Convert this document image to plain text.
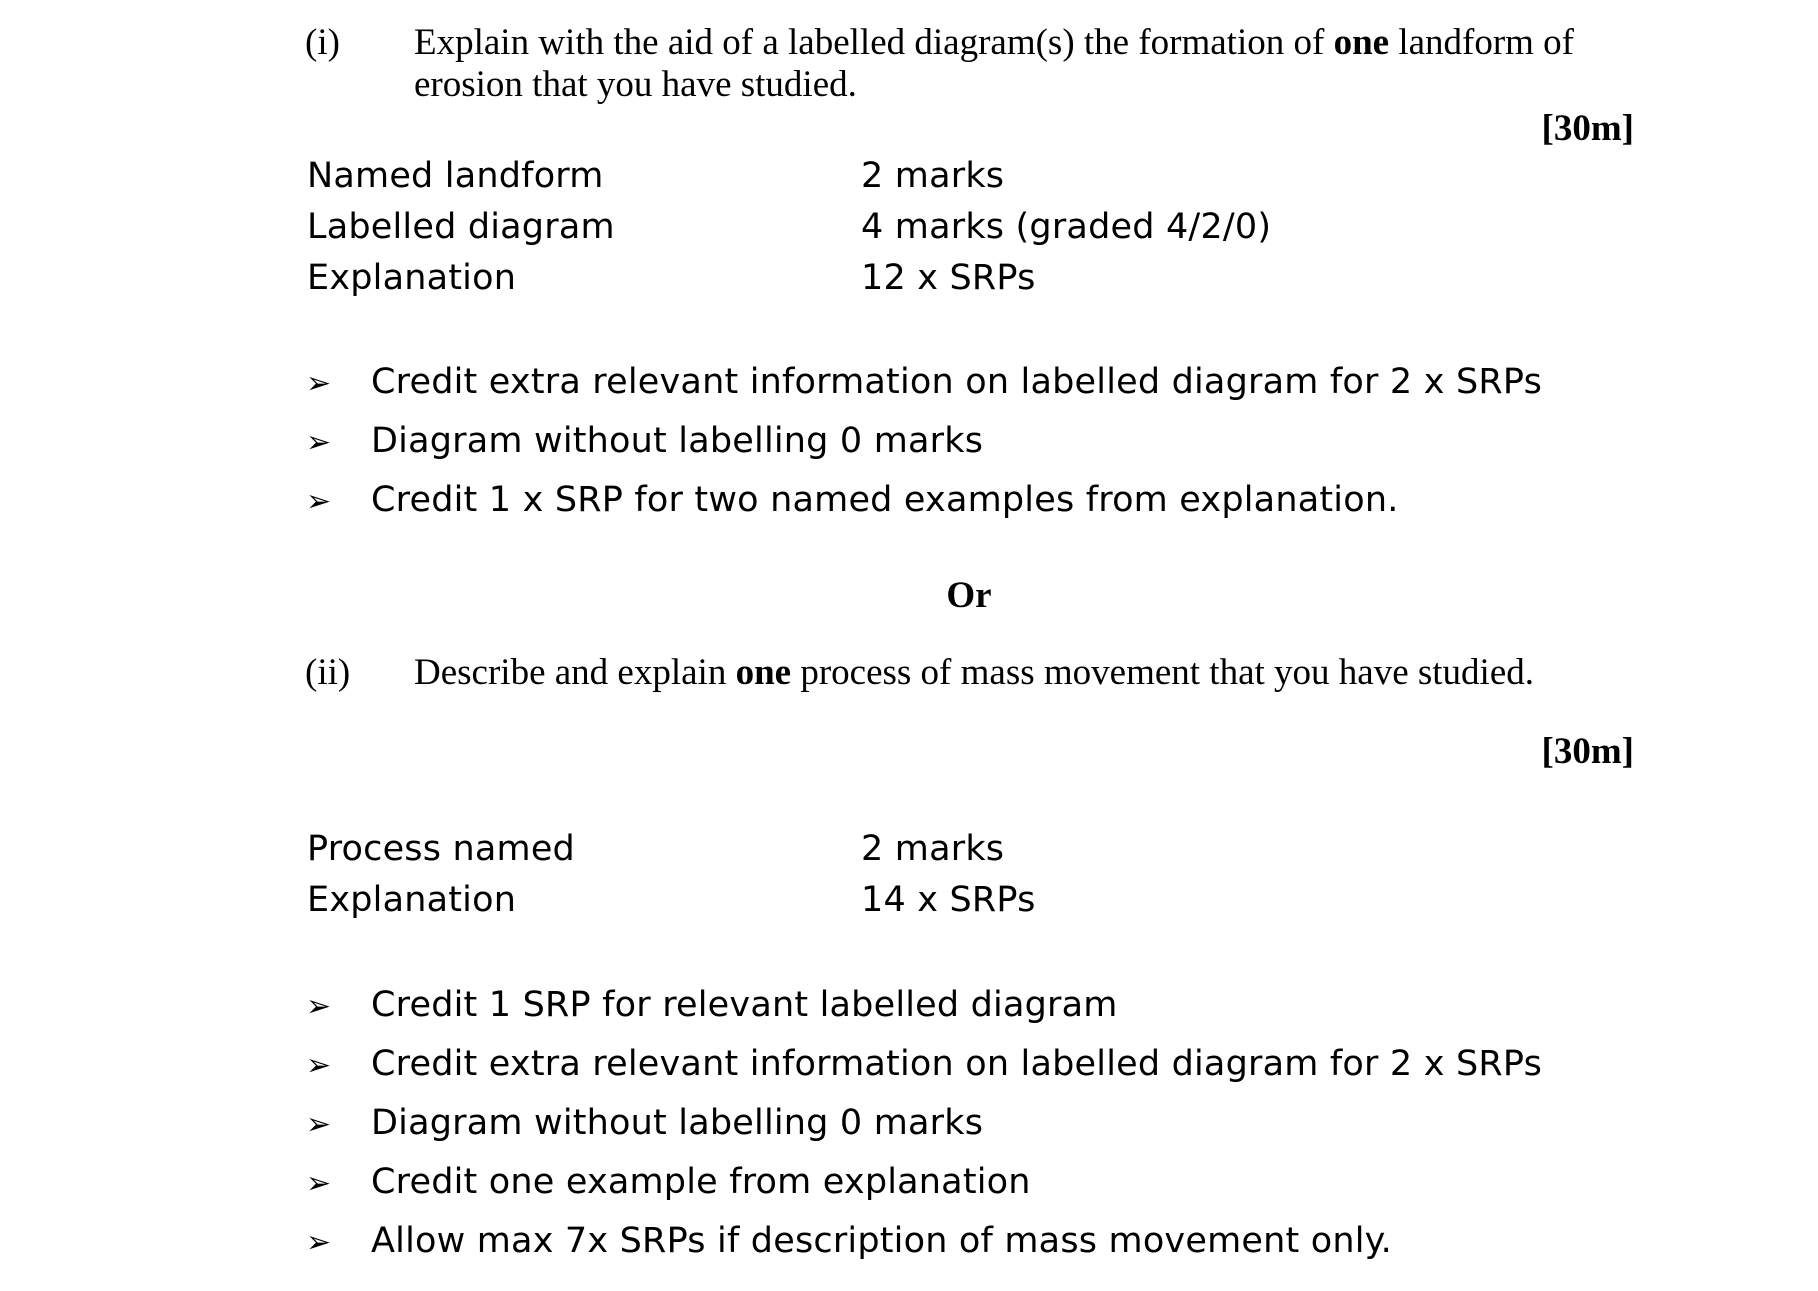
(i) Explain with the aid of a labelled diagram(s) the formation of one landform of
erosion that you have studied.
[30m]
Named landform	2 marks
Labelled diagram	4 marks (graded 4/2/0)
Explanation	12 x SRPs
➢ Credit extra relevant information on labelled diagram for 2 x SRPs
➢ Diagram without labelling 0 marks
➢ Credit 1 x SRP for two named examples from explanation.
Or
(ii) Describe and explain one process of mass movement that you have studied.
[30m]
Process named	2 marks
Explanation	14 x SRPs
➢ Credit 1 SRP for relevant labelled diagram
➢ Credit extra relevant information on labelled diagram for 2 x SRPs
➢ Diagram without labelling 0 marks
➢ Credit one example from explanation
➢ Allow max 7x SRPs if description of mass movement only.
